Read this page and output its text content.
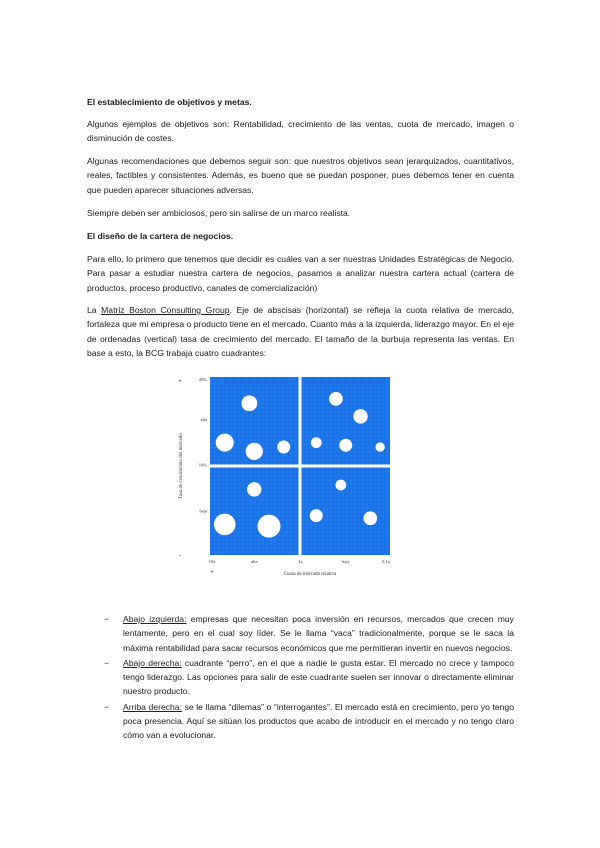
El establecimiento de objetivos y metas.

Algunos ejemplos de objetivos son: Rentabilidad, crecimiento de las ventas, cuota de mercado, imagen o disminución de costes.

Algunas recomendaciones que debemos seguir son: que nuestros objetivos sean jerarquizados, cuantitativos, reales, factibles y consistentes. Además, es bueno que se puedan posponer, pues debemos tener en cuenta que pueden aparecer situaciones adversas.

Siempre deben ser ambiciosos, pero sin salirse de un marco realista.

El diseño de la cartera de negocios.

Para ello, lo primero que tenemos que decidir es cuáles van a ser nuestras Unidades Estratégicas de Negocio. Para pasar a estudiar nuestra cartera de negocios, pasamos a analizar nuestra cartera actual (cartera de productos, proceso productivo, canales de comercialización)

La Matriz Boston Consulting Group. Eje de abscisas (horizontal) se refleja la cuota relativa de mercado, fortaleza que mi empresa o producto tiene en el mercado. Cuanto más a la izquierda, liderazgo mayor. En el eje de ordenadas (vertical) tasa de crecimiento del mercado. El tamaño de la burbuja representa las ventas. En base a esto, la BCG trabaja cuatro cuadrantes:

20%
alta
10%
baja
10x	alta	1x	baja	0,1x
+
-
+	Cuota de mercado relativa
Tasa de crecimiento del mercado
− Abajo izquierda: empresas que necesitan poca inversión en recursos, mercados que crecen muy lentamente, pero en el cual soy líder. Se le llama “vaca” tradicionalmente, porque se le saca la máxima rentabilidad para sacar recursos económicos que me permitieran invertir en nuevos negocios.
− Abajo derecha: cuadrante “perro”, en el que a nadie le gusta estar. El mercado no crece y tampoco tengo liderazgo. Las opciones para salir de este cuadrante suelen ser innovar o directamente eliminar nuestro producto.
− Arriba derecha: se le llama “dilemas” o “interrogantes”. El mercado está en crecimiento, pero yo tengo poca presencia. Aquí se sitúan los productos que acabo de introducir en el mercado y no tengo claro cómo van a evolucionar.
